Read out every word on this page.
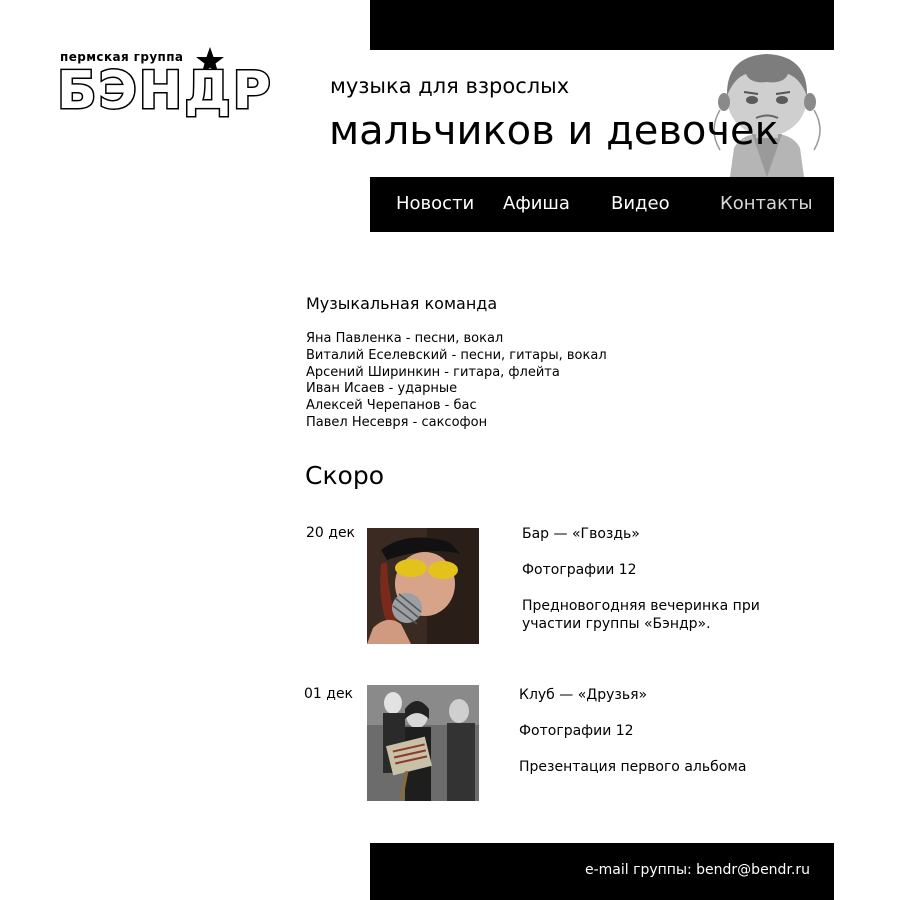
пермская группа
БЭНДР	музыка для взрослых
мальчиков и девочек
Новости Афиша Видео	Контакты
Музыкальная команда
Яна Павленка - песни, вокал
Виталий Еселевский - песни, гитары, вокал
Арсений Ширинкин - гитара, флейта
Иван Исаев - ударные
Алексей Черепанов - бас
Павел Несевря - саксофон
Скоро
20 дек	Бар — «Гвоздь»
Фотографии 12
Предновогодняя вечеринка при участии группы «Бэндр».
01 дек	Клуб — «Друзья»
Фотографии 12
Презентация первого альбома
e-mail группы: bendr@bendr.ru
